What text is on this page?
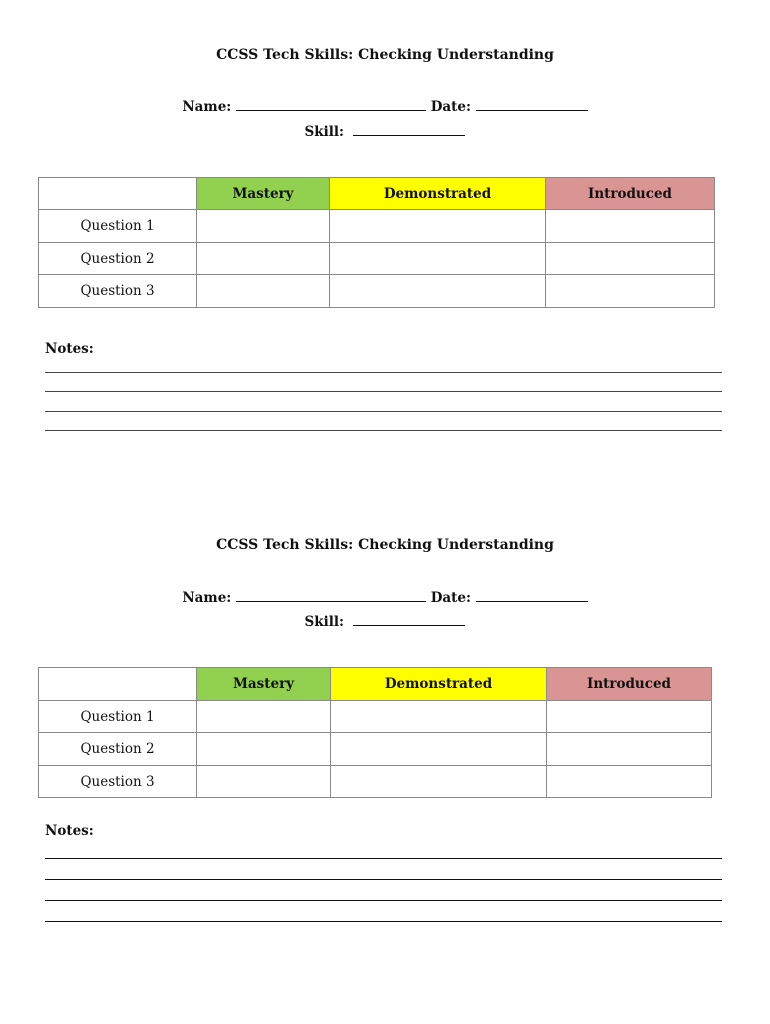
CCSS Tech Skills: Checking Understanding
Name:	Date:
Skill:
	Mastery	Demonstrated	Introduced
Question 1			
Question 2			
Question 3			
Notes:
CCSS Tech Skills: Checking Understanding
Name:	Date:
Skill:
	Mastery	Demonstrated	Introduced
Question 1			
Question 2			
Question 3			
Notes:
